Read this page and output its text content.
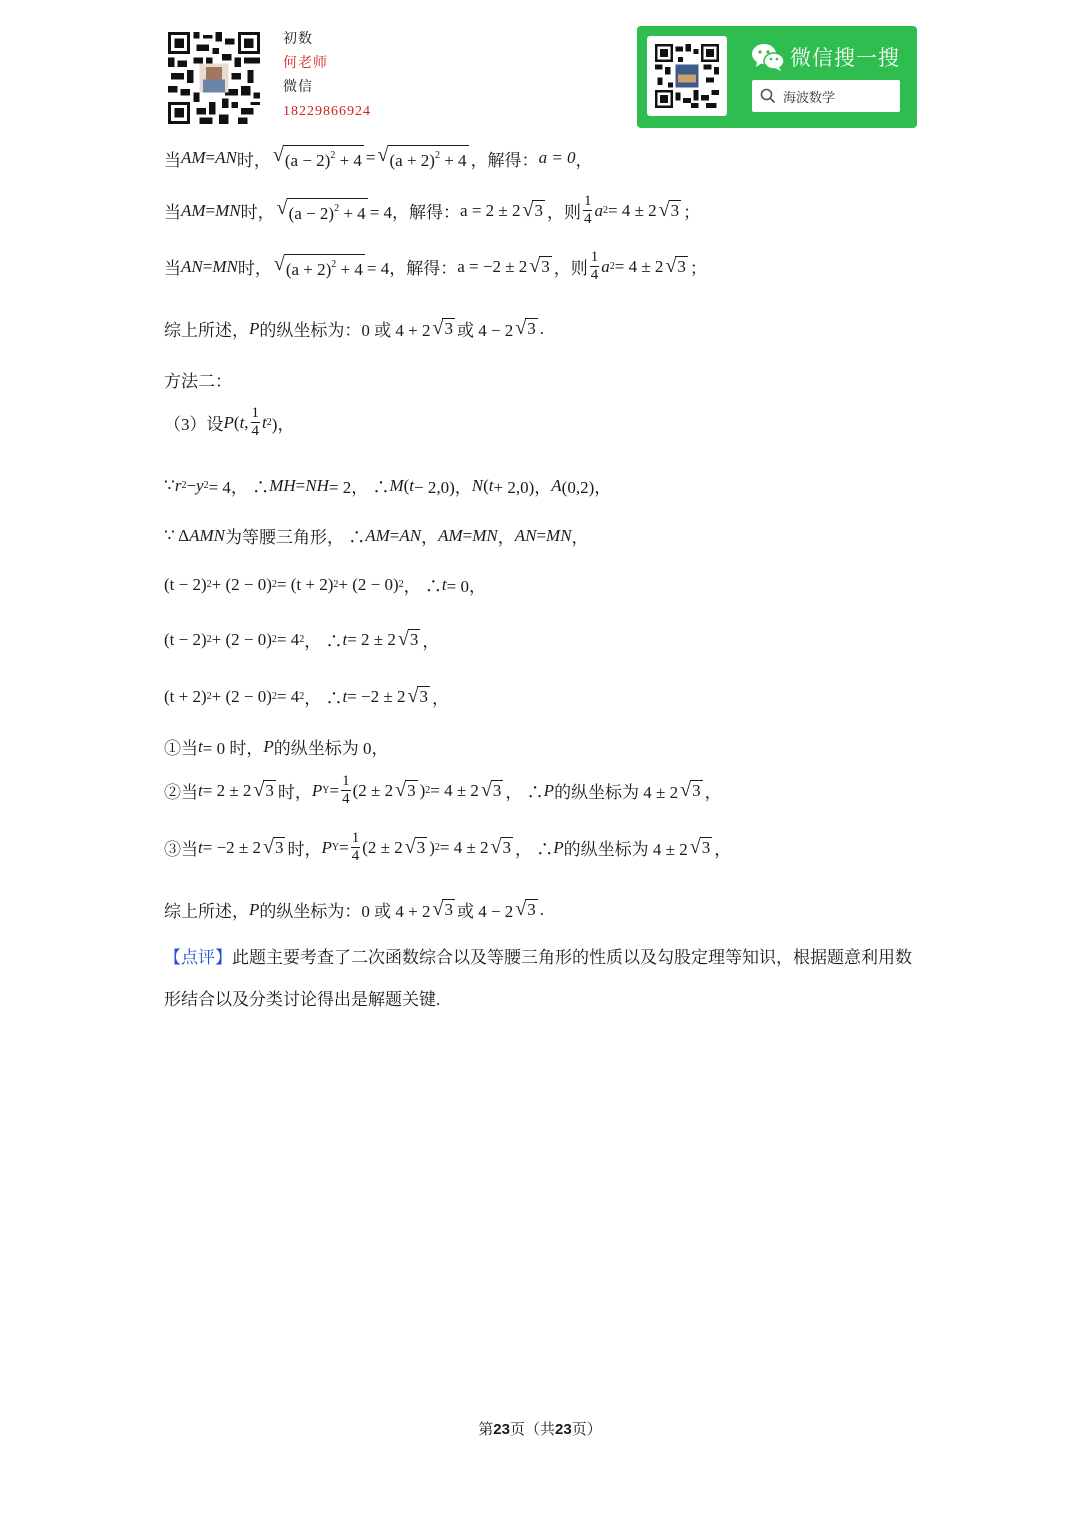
初数
何老师
微信
18229866924
微信搜一搜
海波数学
当 AM = AN 时， √ $(a - 2)^2 + 4$ = √ $(a + 2)^2 + 4$ ，解得： a = 0 ，
当 AM = MN 时， √ $(a - 2)^2 + 4 = 4$，解得： a = 2 ± 2 √ 3 ，则 $\frac{1}{4}$ a 2 = 4 ± 2 √ 3 ；
当 AN = MN 时， √ $(a + 2)^2 + 4 = 4$，解得： a = −2 ± 2 √ 3 ，则 $\frac{1}{4}$ a 2 = 4 ± 2 √ 3 ；
综上所述， P 的纵坐标为：0 或 4 + 2 √ 3 或 4 − 2 √ 3 .
方法二：
（3）设 P ( t , $\frac{1}{4}$ t 2 )，
∵ r 2 − y 2 = 4， ∴ MH = NH = 2， ∴ M ( t − 2,0)， N ( t + 2,0)， A (0,2)，
∵ Δ AMN 为等腰三角形， ∴ AM = AN ， AM = MN ， AN = MN ，
(t − 2) 2 + (2 − 0) 2 = (t + 2) 2 + (2 − 0) 2 ， ∴ t = 0，
(t − 2) 2 + (2 − 0) 2 = 4 2 ， ∴ t = 2 ± 2 √ 3 ，
(t + 2) 2 + (2 − 0) 2 = 4 2 ， ∴ t = −2 ± 2 √ 3 ，
①当 t = 0 时， P 的纵坐标为 0，
②当 t = 2 ± 2 √ 3 时， P $Y = \frac{1}{4} (2 \pm 2$ √ 3 ) 2 = 4 ± 2 √ 3 ， ∴ P 的纵坐标为 4 ± 2 √ 3 ，
③当 t = −2 ± 2 √ 3 时， P $Y = \frac{1}{4} (2 \pm 2$ √ 3 ) 2 = 4 ± 2 √ 3 ， ∴ P 的纵坐标为 4 ± 2 √ 3 ，
综上所述， P 的纵坐标为：0 或 4 + 2 √ 3 或 4 − 2 √ 3 .
【点评】此题主要考查了二次函数综合以及等腰三角形的性质以及勾股定理等知识，根据题意利用数形结合以及分类讨论得出是解题关键.
第23页（共23页）
